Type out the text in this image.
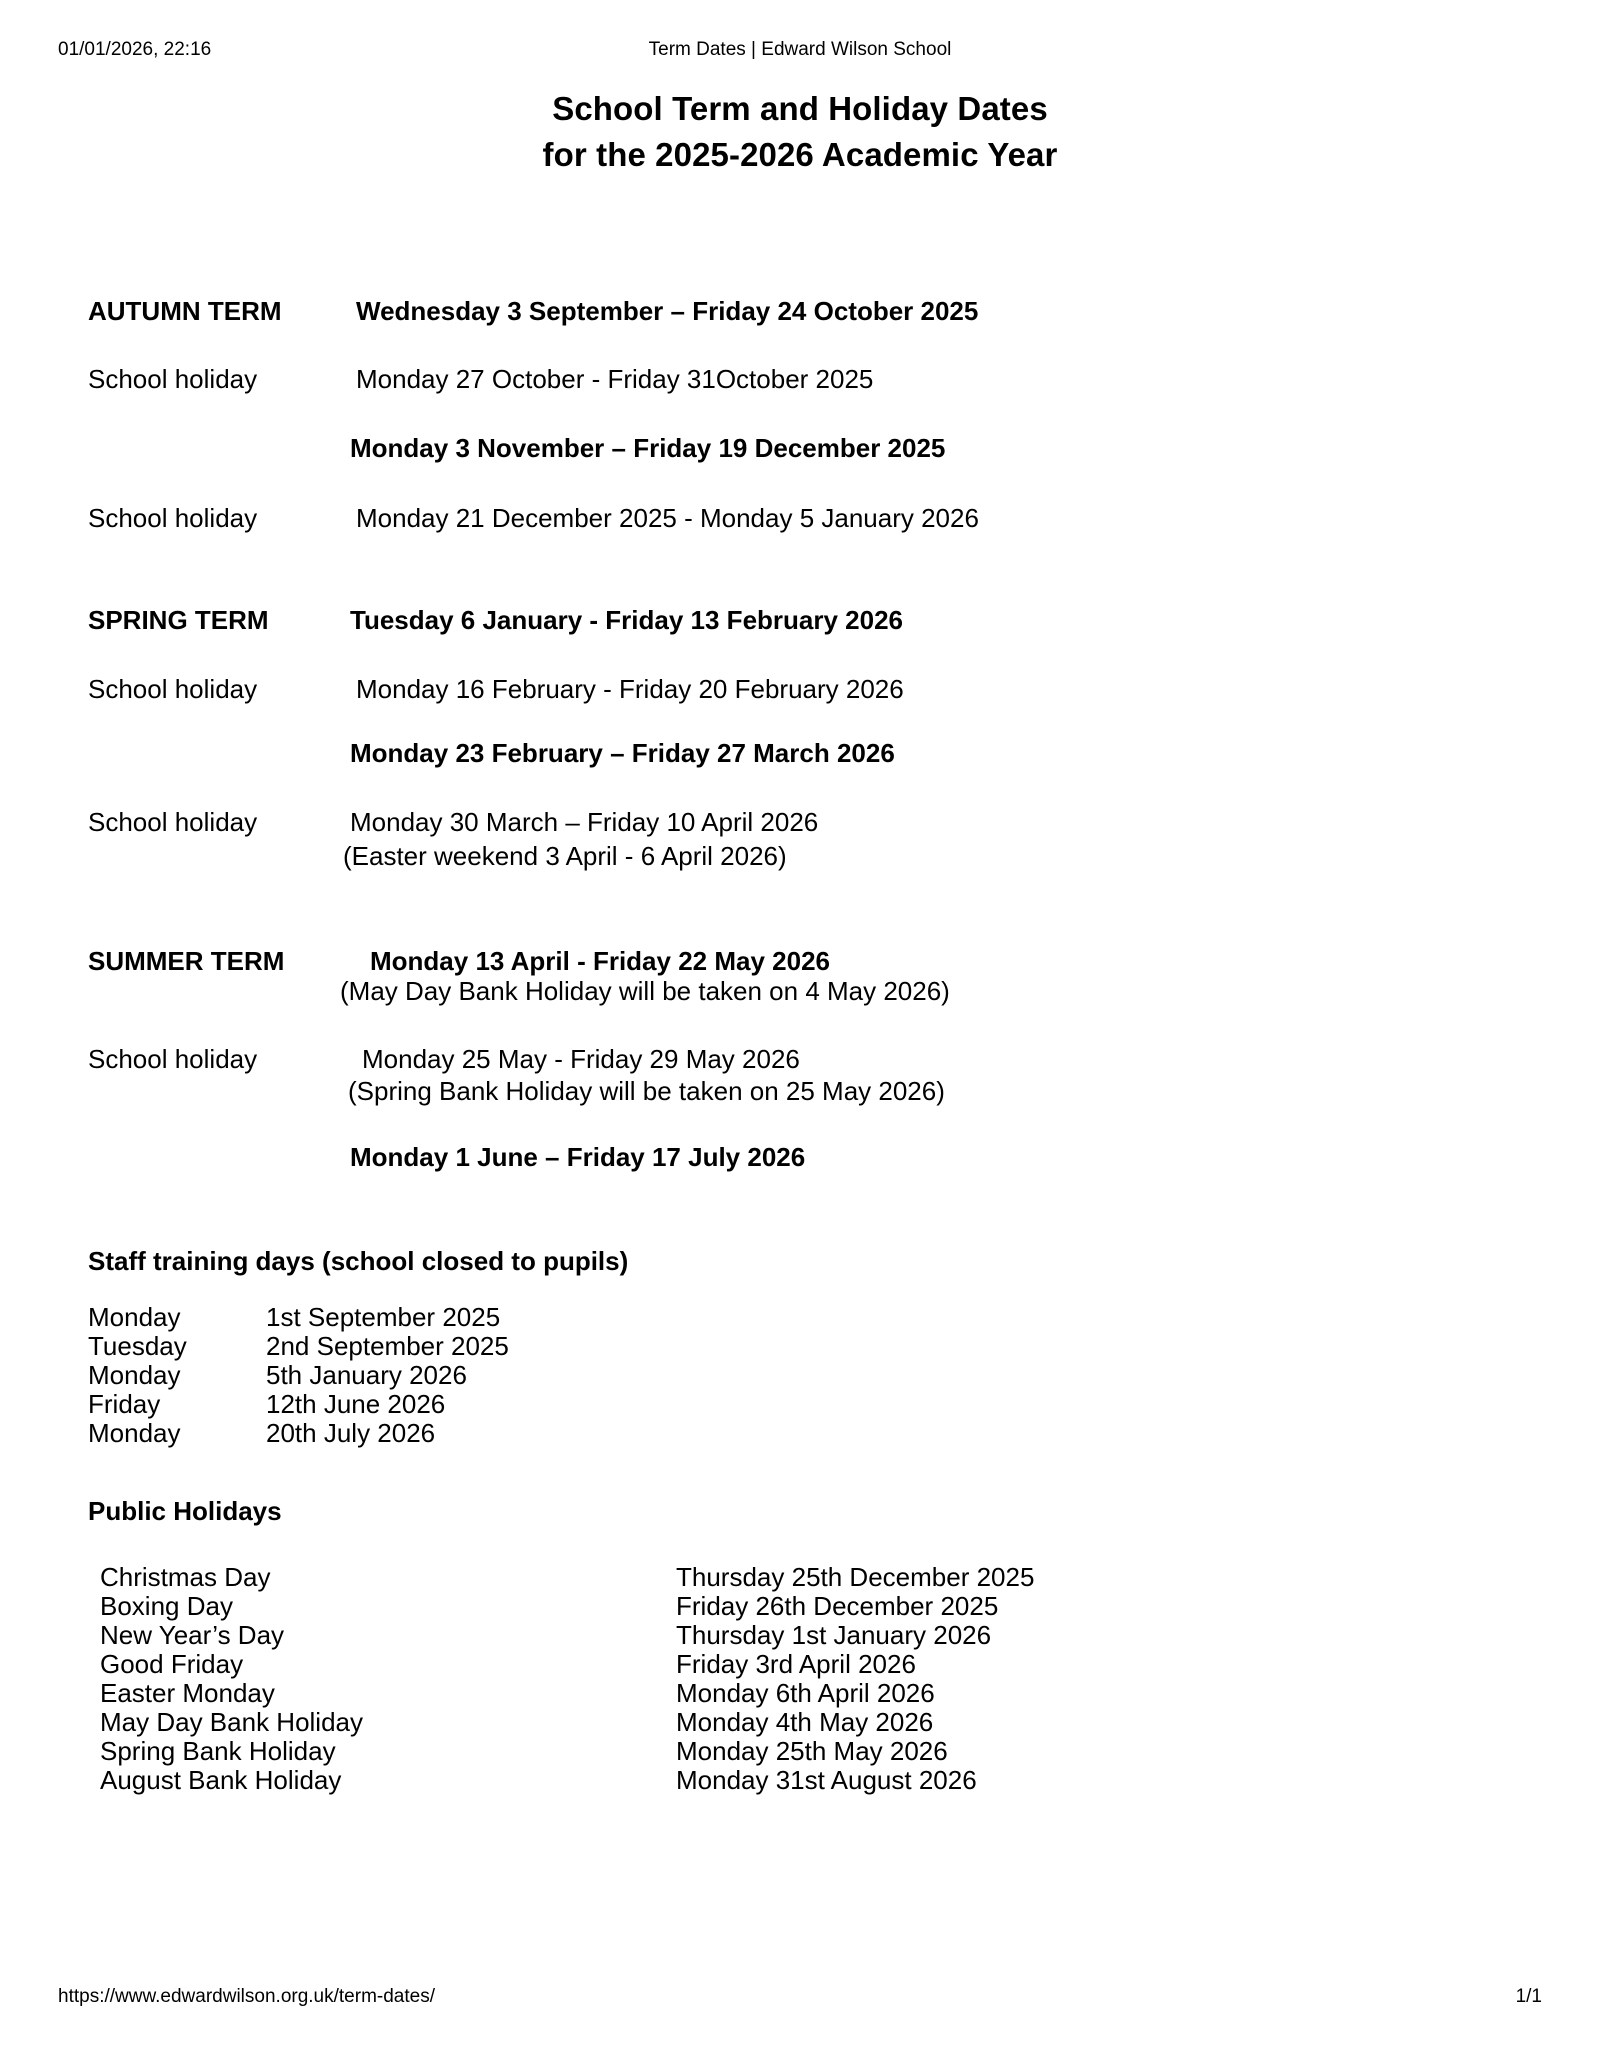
01/01/2026, 22:16	Term Dates | Edward Wilson School
School Term and Holiday Dates
for the 2025-2026 Academic Year
AUTUMN TERM	Wednesday 3 September – Friday 24 October 2025
School holiday	Monday 27 October - Friday 31October 2025
Monday 3 November – Friday 19 December 2025
School holiday	Monday 21 December 2025 - Monday 5 January 2026
SPRING TERM	Tuesday 6 January - Friday 13 February 2026
School holiday	Monday 16 February - Friday 20 February 2026
Monday 23 February – Friday 27 March 2026
School holiday	Monday 30 March – Friday 10 April 2026
(Easter weekend 3 April - 6 April 2026)
SUMMER TERM	Monday 13 April - Friday 22 May 2026
(May Day Bank Holiday will be taken on 4 May 2026)
School holiday	Monday 25 May - Friday 29 May 2026
(Spring Bank Holiday will be taken on 25 May 2026)
Monday 1 June – Friday 17 July 2026
Staff training days (school closed to pupils)
Monday	1st September 2025
Tuesday	2nd September 2025
Monday	5th January 2026
Friday	12th June 2026
Monday	20th July 2026
Public Holidays
Christmas Day	Thursday 25th December 2025
Boxing Day	Friday 26th December 2025
New Year’s Day	Thursday 1st January 2026
Good Friday	Friday 3rd April 2026
Easter Monday	Monday 6th April 2026
May Day Bank Holiday	Monday 4th May 2026
Spring Bank Holiday	Monday 25th May 2026
August Bank Holiday	Monday 31st August 2026
https://www.edwardwilson.org.uk/term-dates/	1/1
